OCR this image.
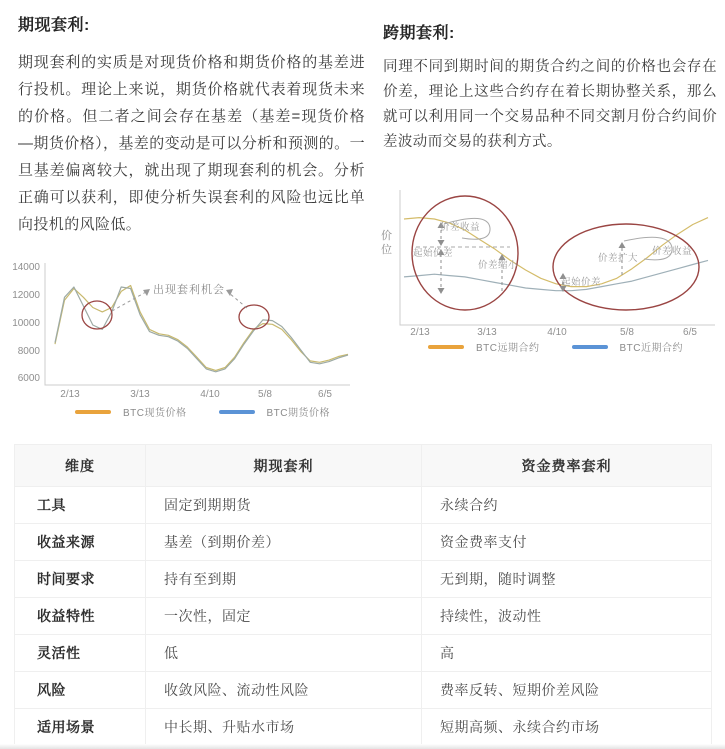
期现套利:
期现套利的实质是对现货价格和期货价格的基差进行投机。理论上来说，期货价格就代表着现货未来的价格。但二者之间会存在基差（基差=现货价格—期货价格），基差的变动是可以分析和预测的。一旦基差偏离较大，就出现了期现套利的机会。分析正确可以获利，即使分析失误套利的风险也远比单向投机的风险低。
跨期套利:
同理不同到期时间的期货合约之间的价格也会存在价差，理论上这些合约存在着长期协整关系，那么就可以利用同一个交易品种不同交割月份合约间价差波动而交易的获利方式。
出现套利机会
BTC现货价格	BTC期货价格
14000
12000
10000
8000
6000
2/13	3/13	4/10	5/8	6/5
价位
BTC远期合约	BTC近期合约
价差收益
起始价差
价差缩小
起始价差
价差扩大
价差收益
2/13	3/13	4/10	5/8	6/5
维度	期现套利	资金费率套利
工具	固定到期期货	永续合约
收益来源	基差（到期价差）	资金费率支付
时间要求	持有至到期	无到期，随时调整
收益特性	一次性，固定	持续性，波动性
灵活性	低	高
风险	收敛风险、流动性风险	费率反转、短期价差风险
适用场景	中长期、升贴水市场	短期高频、永续合约市场
